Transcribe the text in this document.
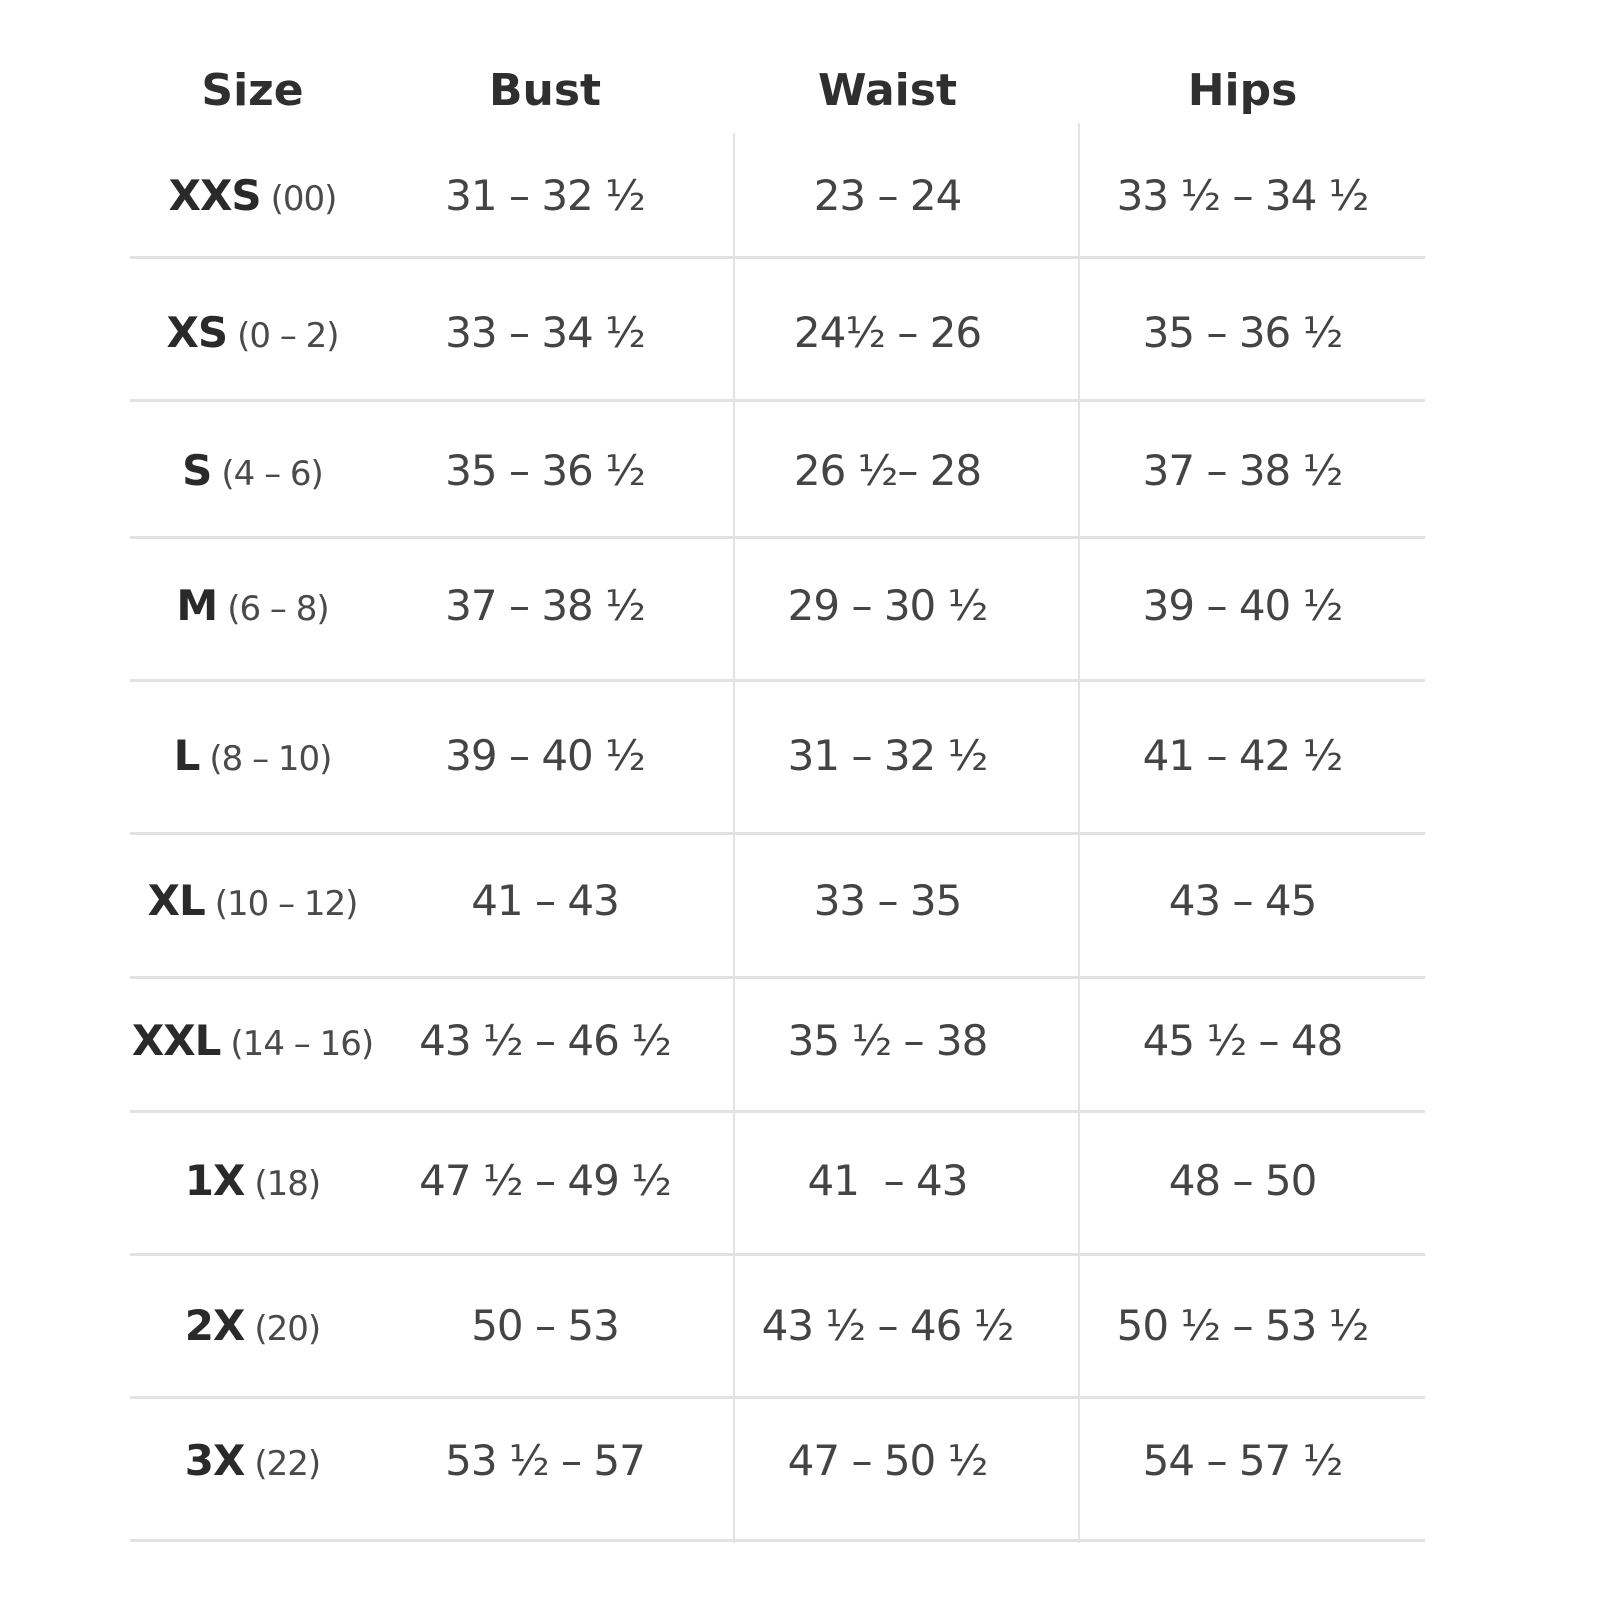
Size	Bust	Waist	Hips
XXS (00)	31 – 32 ½	23 – 24	33 ½ – 34 ½
XS (0 – 2)	33 – 34 ½	24½ – 26	35 – 36 ½
S (4 – 6)	35 – 36 ½	26 ½– 28	37 – 38 ½
M (6 – 8)	37 – 38 ½	29 – 30 ½	39 – 40 ½
L (8 – 10)	39 – 40 ½	31 – 32 ½	41 – 42 ½
XL (10 – 12)	41 – 43	33 – 35	43 – 45
XXL (14 – 16)	43 ½ – 46 ½	35 ½ – 38	45 ½ – 48
1X (18)	47 ½ – 49 ½	41  – 43	48 – 50
2X (20)	50 – 53	43 ½ – 46 ½	50 ½ – 53 ½
3X (22)	53 ½ – 57	47 – 50 ½	54 – 57 ½
